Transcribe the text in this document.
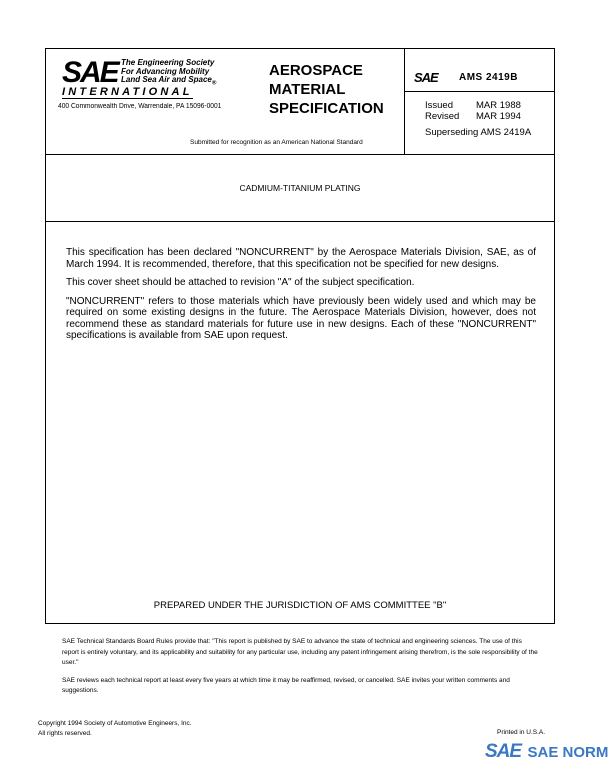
SAE The Engineering Society
For Advancing Mobility
Land Sea Air and Space$_®$
INTERNATIONAL
400 Commonwealth Drive, Warrendale, PA 15096-0001
AEROSPACE
MATERIAL
SPECIFICATION
Submitted for recognition as an American National Standard
SAE AMS 2419B
Issued MAR 1988
Revised MAR 1994
Superseding AMS 2419A
CADMIUM-TITANIUM PLATING

This specification has been declared "NONCURRENT" by the Aerospace Materials Division, SAE, as of March 1994. It is recommended, therefore, that this specification not be specified for new designs.

This cover sheet should be attached to revision "A" of the subject specification.

"NONCURRENT" refers to those materials which have previously been widely used and which may be required on some existing designs in the future. The Aerospace Materials Division, however, does not recommend these as standard materials for future use in new designs. Each of these "NONCURRENT" specifications is available from SAE upon request.

PREPARED UNDER THE JURISDICTION OF AMS COMMITTEE "B"

SAE Technical Standards Board Rules provide that: "This report is published by SAE to advance the state of technical and engineering sciences. The use of this report is entirely voluntary, and its applicability and suitability for any particular use, including any patent infringement arising therefrom, is the sole responsibility of the user."

SAE reviews each technical report at least every five years at which time it may be reaffirmed, revised, or cancelled. SAE invites your written comments and suggestions.

Copyright 1994 Society of Automotive Engineers, Inc.
All rights reserved.	Printed in U.S.A.
SAE SAE NORM
